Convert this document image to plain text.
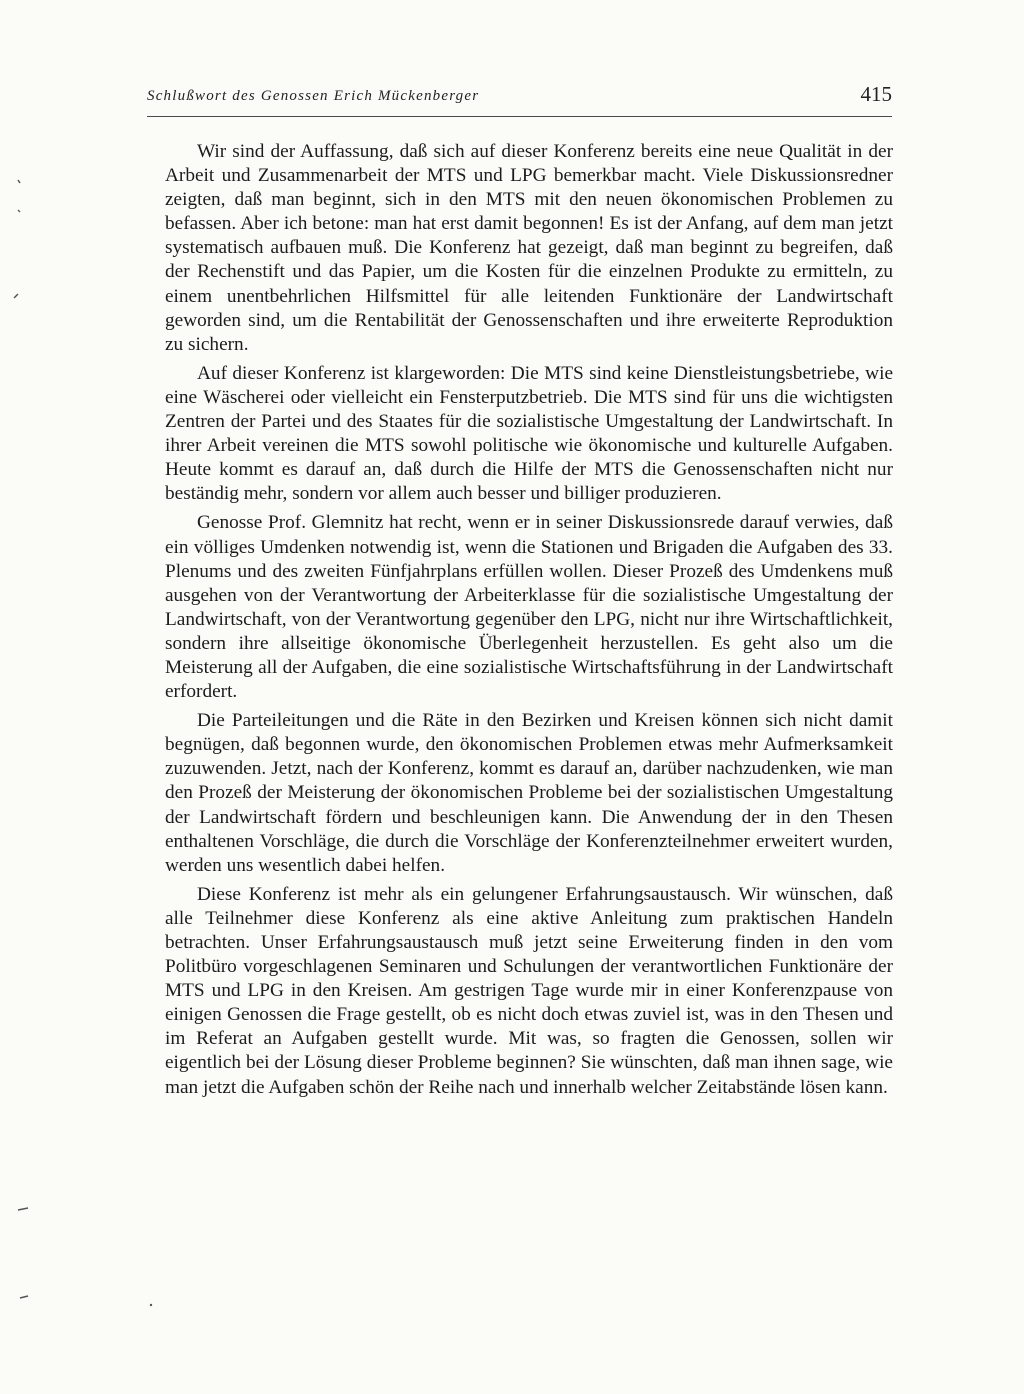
Schlußwort des Genossen Erich Mückenberger	415

Wir sind der Auffassung, daß sich auf dieser Konferenz bereits eine neue Qualität in der Arbeit und Zusammenarbeit der MTS und LPG bemerkbar macht. Viele Diskussionsredner zeigten, daß man beginnt, sich in den MTS mit den neuen ökonomischen Problemen zu befassen. Aber ich betone: man hat erst damit begonnen! Es ist der Anfang, auf dem man jetzt systematisch aufbauen muß. Die Konferenz hat gezeigt, daß man beginnt zu begreifen, daß der Rechenstift und das Papier, um die Kosten für die einzelnen Produkte zu ermitteln, zu einem unentbehrlichen Hilfsmittel für alle leitenden Funktionäre der Landwirtschaft geworden sind, um die Rentabilität der Genossenschaften und ihre erweiterte Reproduktion zu sichern.

Auf dieser Konferenz ist klargeworden: Die MTS sind keine Dienstleistungsbetriebe, wie eine Wäscherei oder vielleicht ein Fensterputzbetrieb. Die MTS sind für uns die wichtigsten Zentren der Partei und des Staates für die sozialistische Umgestaltung der Landwirtschaft. In ihrer Arbeit vereinen die MTS sowohl politische wie ökonomische und kulturelle Aufgaben. Heute kommt es darauf an, daß durch die Hilfe der MTS die Genossenschaften nicht nur beständig mehr, sondern vor allem auch besser und billiger produzieren.

Genosse Prof. Glemnitz hat recht, wenn er in seiner Diskussionsrede darauf verwies, daß ein völliges Umdenken notwendig ist, wenn die Stationen und Brigaden die Aufgaben des 33. Plenums und des zweiten Fünfjahrplans erfüllen wollen. Dieser Prozeß des Umdenkens muß ausgehen von der Verantwortung der Arbeiterklasse für die sozialistische Umgestaltung der Landwirtschaft, von der Verantwortung gegenüber den LPG, nicht nur ihre Wirtschaftlichkeit, sondern ihre allseitige ökonomische Überlegenheit herzustellen. Es geht also um die Meisterung all der Aufgaben, die eine sozialistische Wirtschaftsführung in der Landwirtschaft erfordert.

Die Parteileitungen und die Räte in den Bezirken und Kreisen können sich nicht damit begnügen, daß begonnen wurde, den ökonomischen Problemen etwas mehr Aufmerksamkeit zuzuwenden. Jetzt, nach der Konferenz, kommt es darauf an, darüber nachzudenken, wie man den Prozeß der Meisterung der ökonomischen Probleme bei der sozialistischen Umgestaltung der Landwirtschaft fördern und beschleunigen kann. Die Anwendung der in den Thesen enthaltenen Vorschläge, die durch die Vorschläge der Konferenzteilnehmer erweitert wurden, werden uns wesentlich dabei helfen.

Diese Konferenz ist mehr als ein gelungener Erfahrungsaustausch. Wir wünschen, daß alle Teilnehmer diese Konferenz als eine aktive Anleitung zum praktischen Handeln betrachten. Unser Erfahrungsaustausch muß jetzt seine Erweiterung finden in den vom Politbüro vorgeschlagenen Seminaren und Schulungen der verantwortlichen Funktionäre der MTS und LPG in den Kreisen. Am gestrigen Tage wurde mir in einer Konferenzpause von einigen Genossen die Frage gestellt, ob es nicht doch etwas zuviel ist, was in den Thesen und im Referat an Aufgaben gestellt wurde. Mit was, so fragten die Genossen, sollen wir eigentlich bei der Lösung dieser Probleme beginnen? Sie wünschten, daß man ihnen sage, wie man jetzt die Aufgaben schön der Reihe nach und innerhalb welcher Zeitabstände lösen kann.
